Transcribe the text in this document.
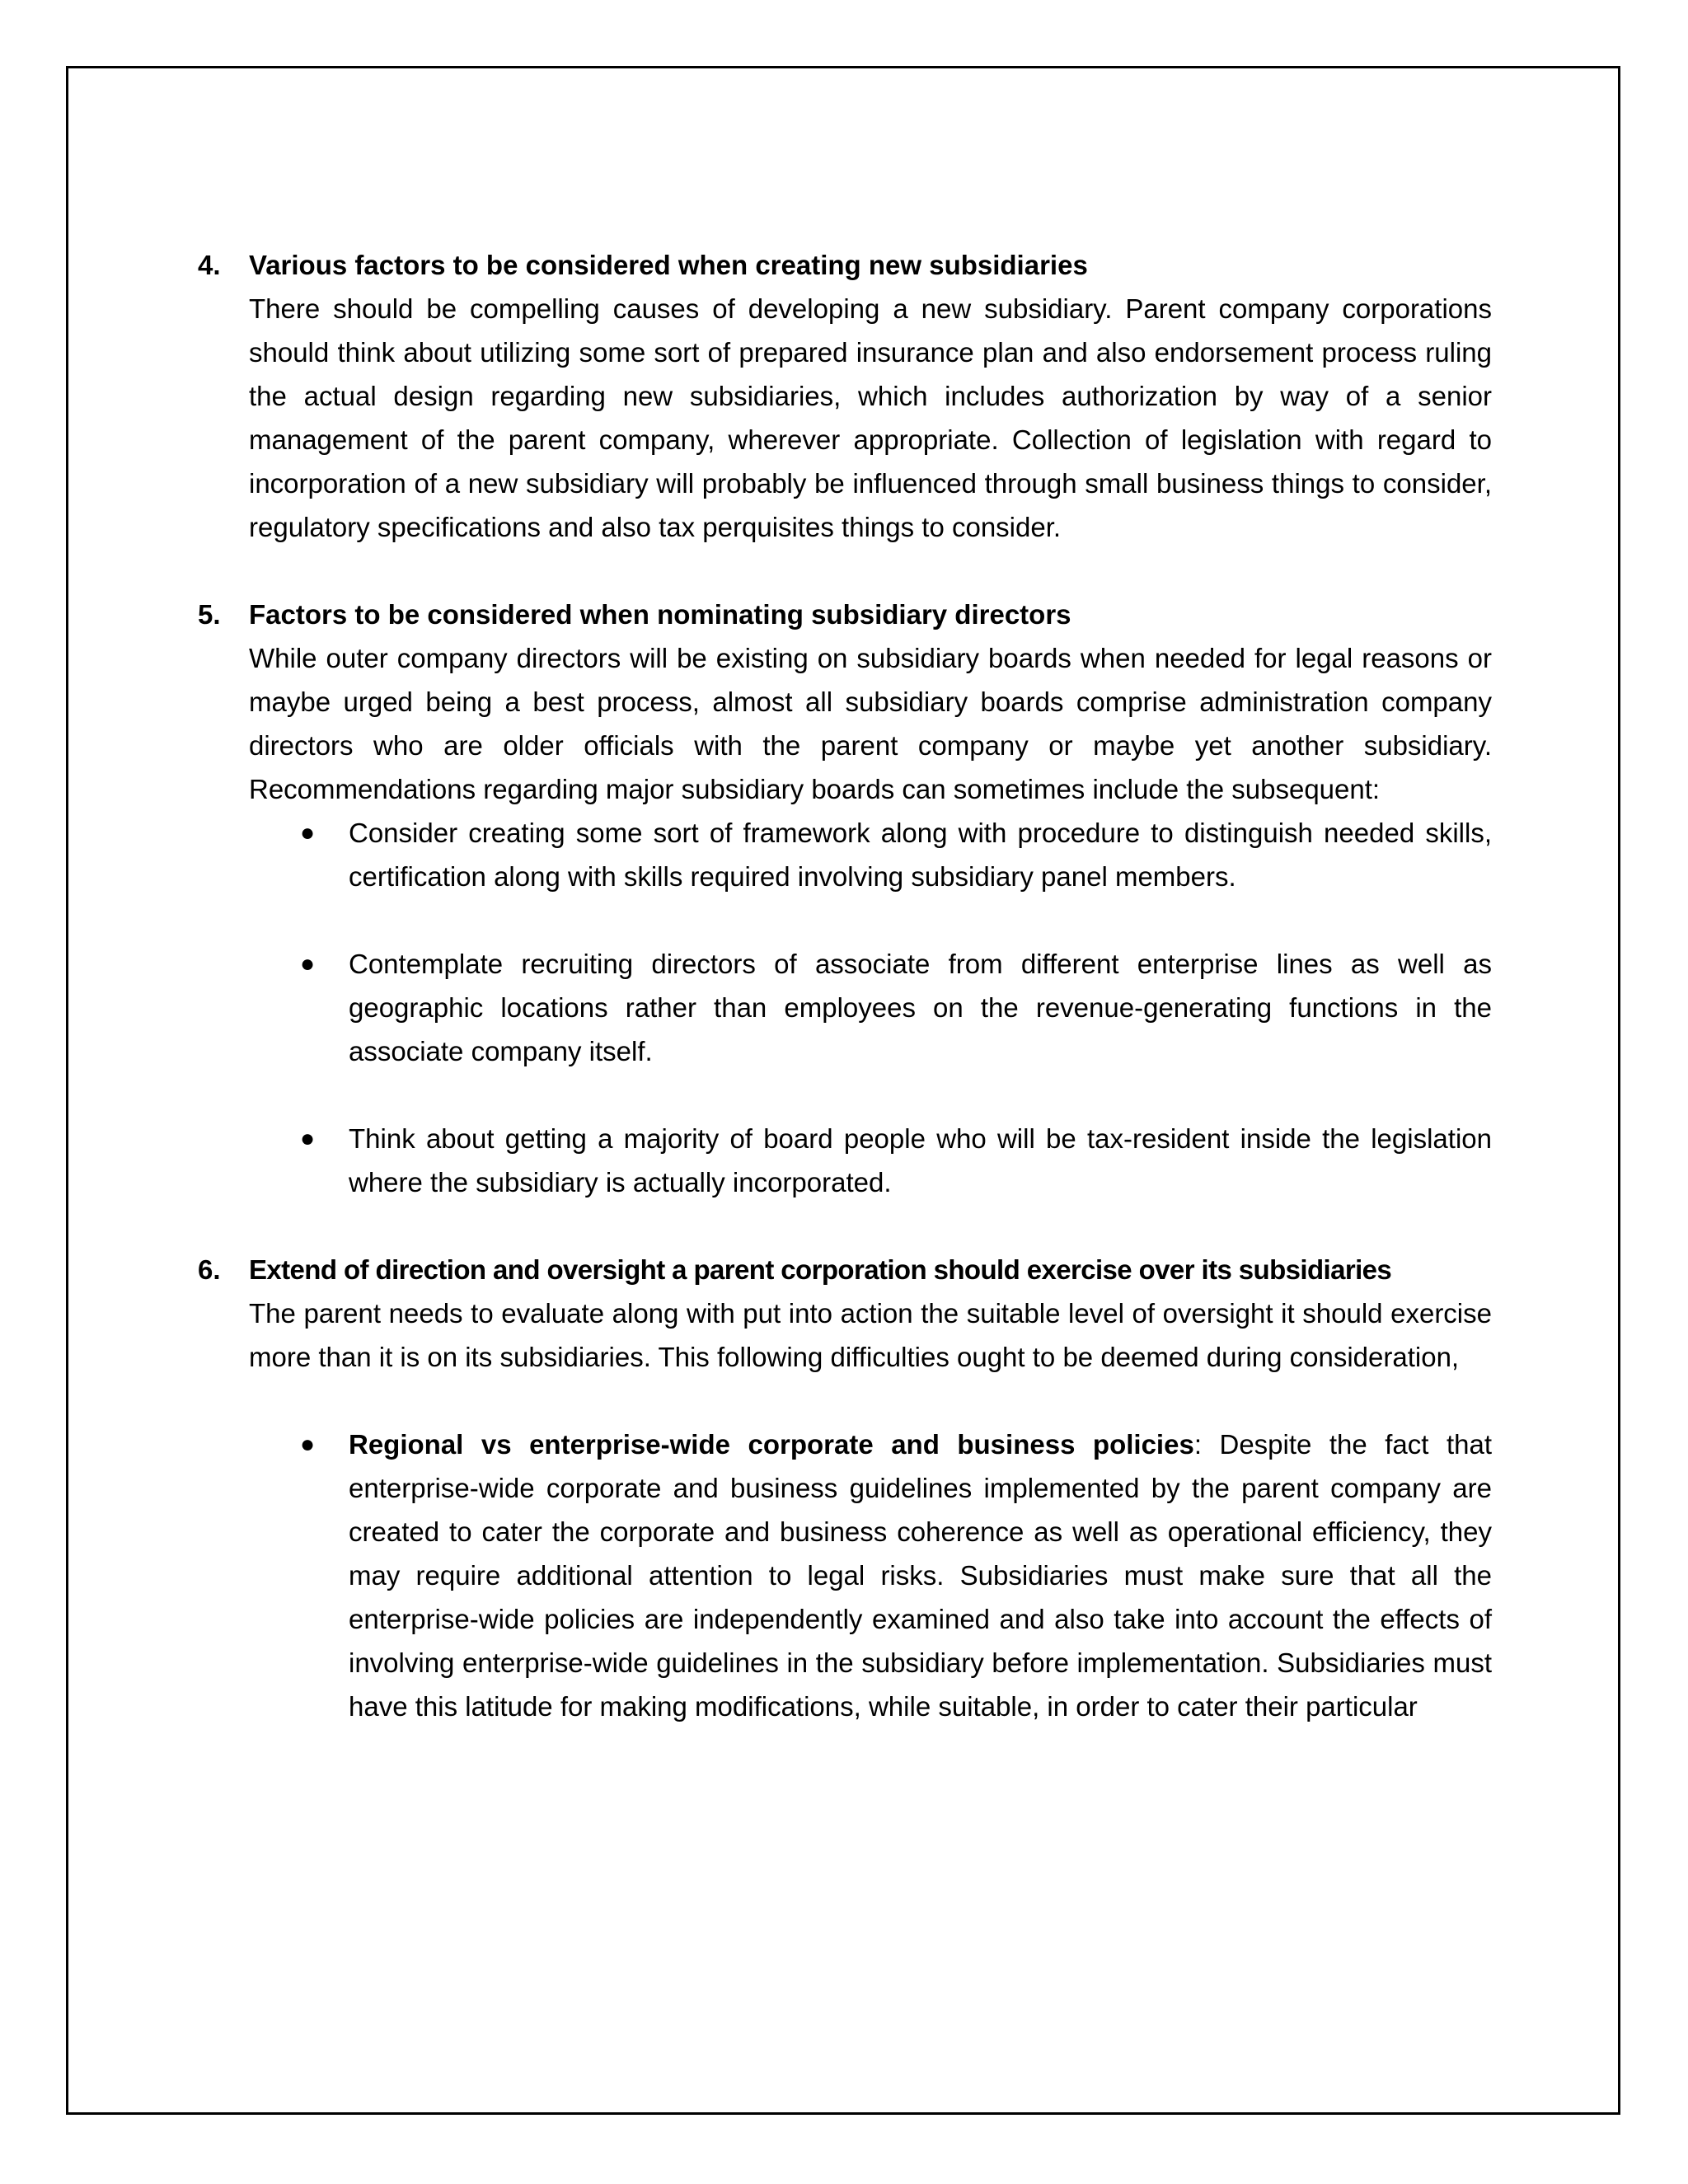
4. Various factors to be considered when creating new subsidiaries

There should be compelling causes of developing a new subsidiary. Parent company corporations should think about utilizing some sort of prepared insurance plan and also endorsement process ruling the actual design regarding new subsidiaries, which includes authorization by way of a senior management of the parent company, wherever appropriate. Collection of legislation with regard to incorporation of a new subsidiary will probably be influenced through small business things to consider, regulatory specifications and also tax perquisites things to consider.

5. Factors to be considered when nominating subsidiary directors

While outer company directors will be existing on subsidiary boards when needed for legal reasons or maybe urged being a best process, almost all subsidiary boards comprise administration company directors who are older officials with the parent company or maybe yet another subsidiary. Recommendations regarding major subsidiary boards can sometimes include the subsequent:

● Consider creating some sort of framework along with procedure to distinguish needed skills, certification along with skills required involving subsidiary panel members.
● Contemplate recruiting directors of associate from different enterprise lines as well as geographic locations rather than employees on the revenue-generating functions in the associate company itself.
● Think about getting a majority of board people who will be tax-resident inside the legislation where the subsidiary is actually incorporated.
6. Extend of direction and oversight a parent corporation should exercise over its subsidiaries

The parent needs to evaluate along with put into action the suitable level of oversight it should exercise more than it is on its subsidiaries. This following difficulties ought to be deemed during consideration,

● Regional vs enterprise-wide corporate and business policies: Despite the fact that enterprise-wide corporate and business guidelines implemented by the parent company are created to cater the corporate and business coherence as well as operational efficiency, they may require additional attention to legal risks. Subsidiaries must make sure that all the enterprise-wide policies are independently examined and also take into account the effects of involving enterprise-wide guidelines in the subsidiary before implementation. Subsidiaries must have this latitude for making modifications, while suitable, in order to cater their particular
